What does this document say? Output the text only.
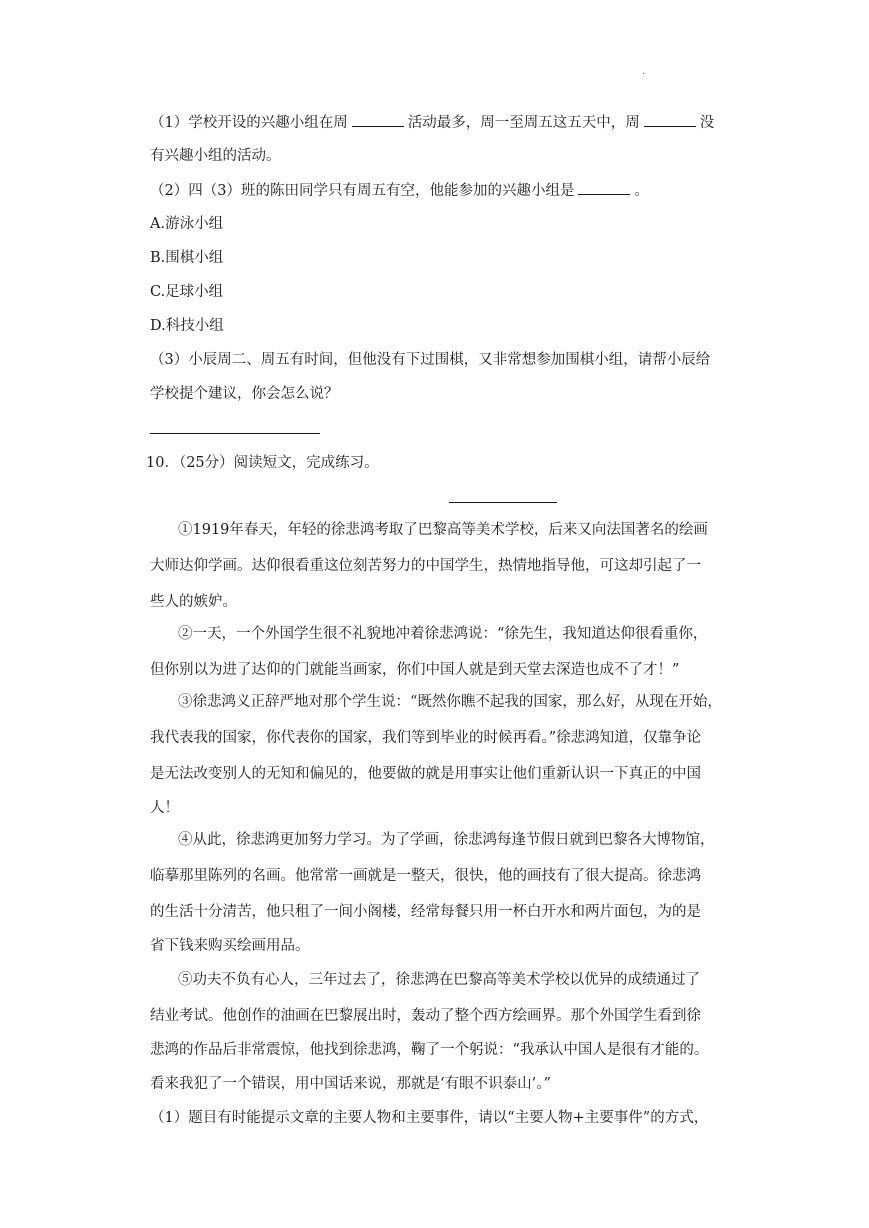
.
（1）学校开设的兴趣小组在周	活动最多，周一至周五这五天中，周	没
有兴趣小组的活动。
（2）四（3）班的陈田同学只有周五有空，他能参加的兴趣小组是	。
A.游泳小组
B.围棋小组
C.足球小组
D.科技小组
（3）小辰周二、周五有时间，但他没有下过围棋，又非常想参加围棋小组，请帮小辰给
学校提个建议，你会怎么说？
10．（25分）阅读短文，完成练习。
①1919年春天，年轻的徐悲鸿考取了巴黎高等美术学校，后来又向法国著名的绘画
大师达仰学画。达仰很看重这位刻苦努力的中国学生，热情地指导他，可这却引起了一
些人的嫉妒。
②一天，一个外国学生很不礼貌地冲着徐悲鸿说：“徐先生，我知道达仰很看重你，
但你别以为进了达仰的门就能当画家，你们中国人就是到天堂去深造也成不了才！”
③徐悲鸿义正辞严地对那个学生说：“既然你瞧不起我的国家，那么好，从现在开始，
我代表我的国家，你代表你的国家，我们等到毕业的时候再看。”徐悲鸿知道，仅靠争论
是无法改变别人的无知和偏见的，他要做的就是用事实让他们重新认识一下真正的中国
人！
④从此，徐悲鸿更加努力学习。为了学画，徐悲鸿每逢节假日就到巴黎各大博物馆，
临摹那里陈列的名画。他常常一画就是一整天，很快，他的画技有了很大提高。徐悲鸿
的生活十分清苦，他只租了一间小阁楼，经常每餐只用一杯白开水和两片面包，为的是
省下钱来购买绘画用品。
⑤功夫不负有心人，三年过去了，徐悲鸿在巴黎高等美术学校以优异的成绩通过了
结业考试。他创作的油画在巴黎展出时，轰动了整个西方绘画界。那个外国学生看到徐
悲鸿的作品后非常震惊，他找到徐悲鸿，鞠了一个躬说：“我承认中国人是很有才能的。
看来我犯了一个错误，用中国话来说，那就是‘有眼不识泰山’。”
（1）题目有时能提示文章的主要人物和主要事件，请以“主要人物+主要事件”的方式，
